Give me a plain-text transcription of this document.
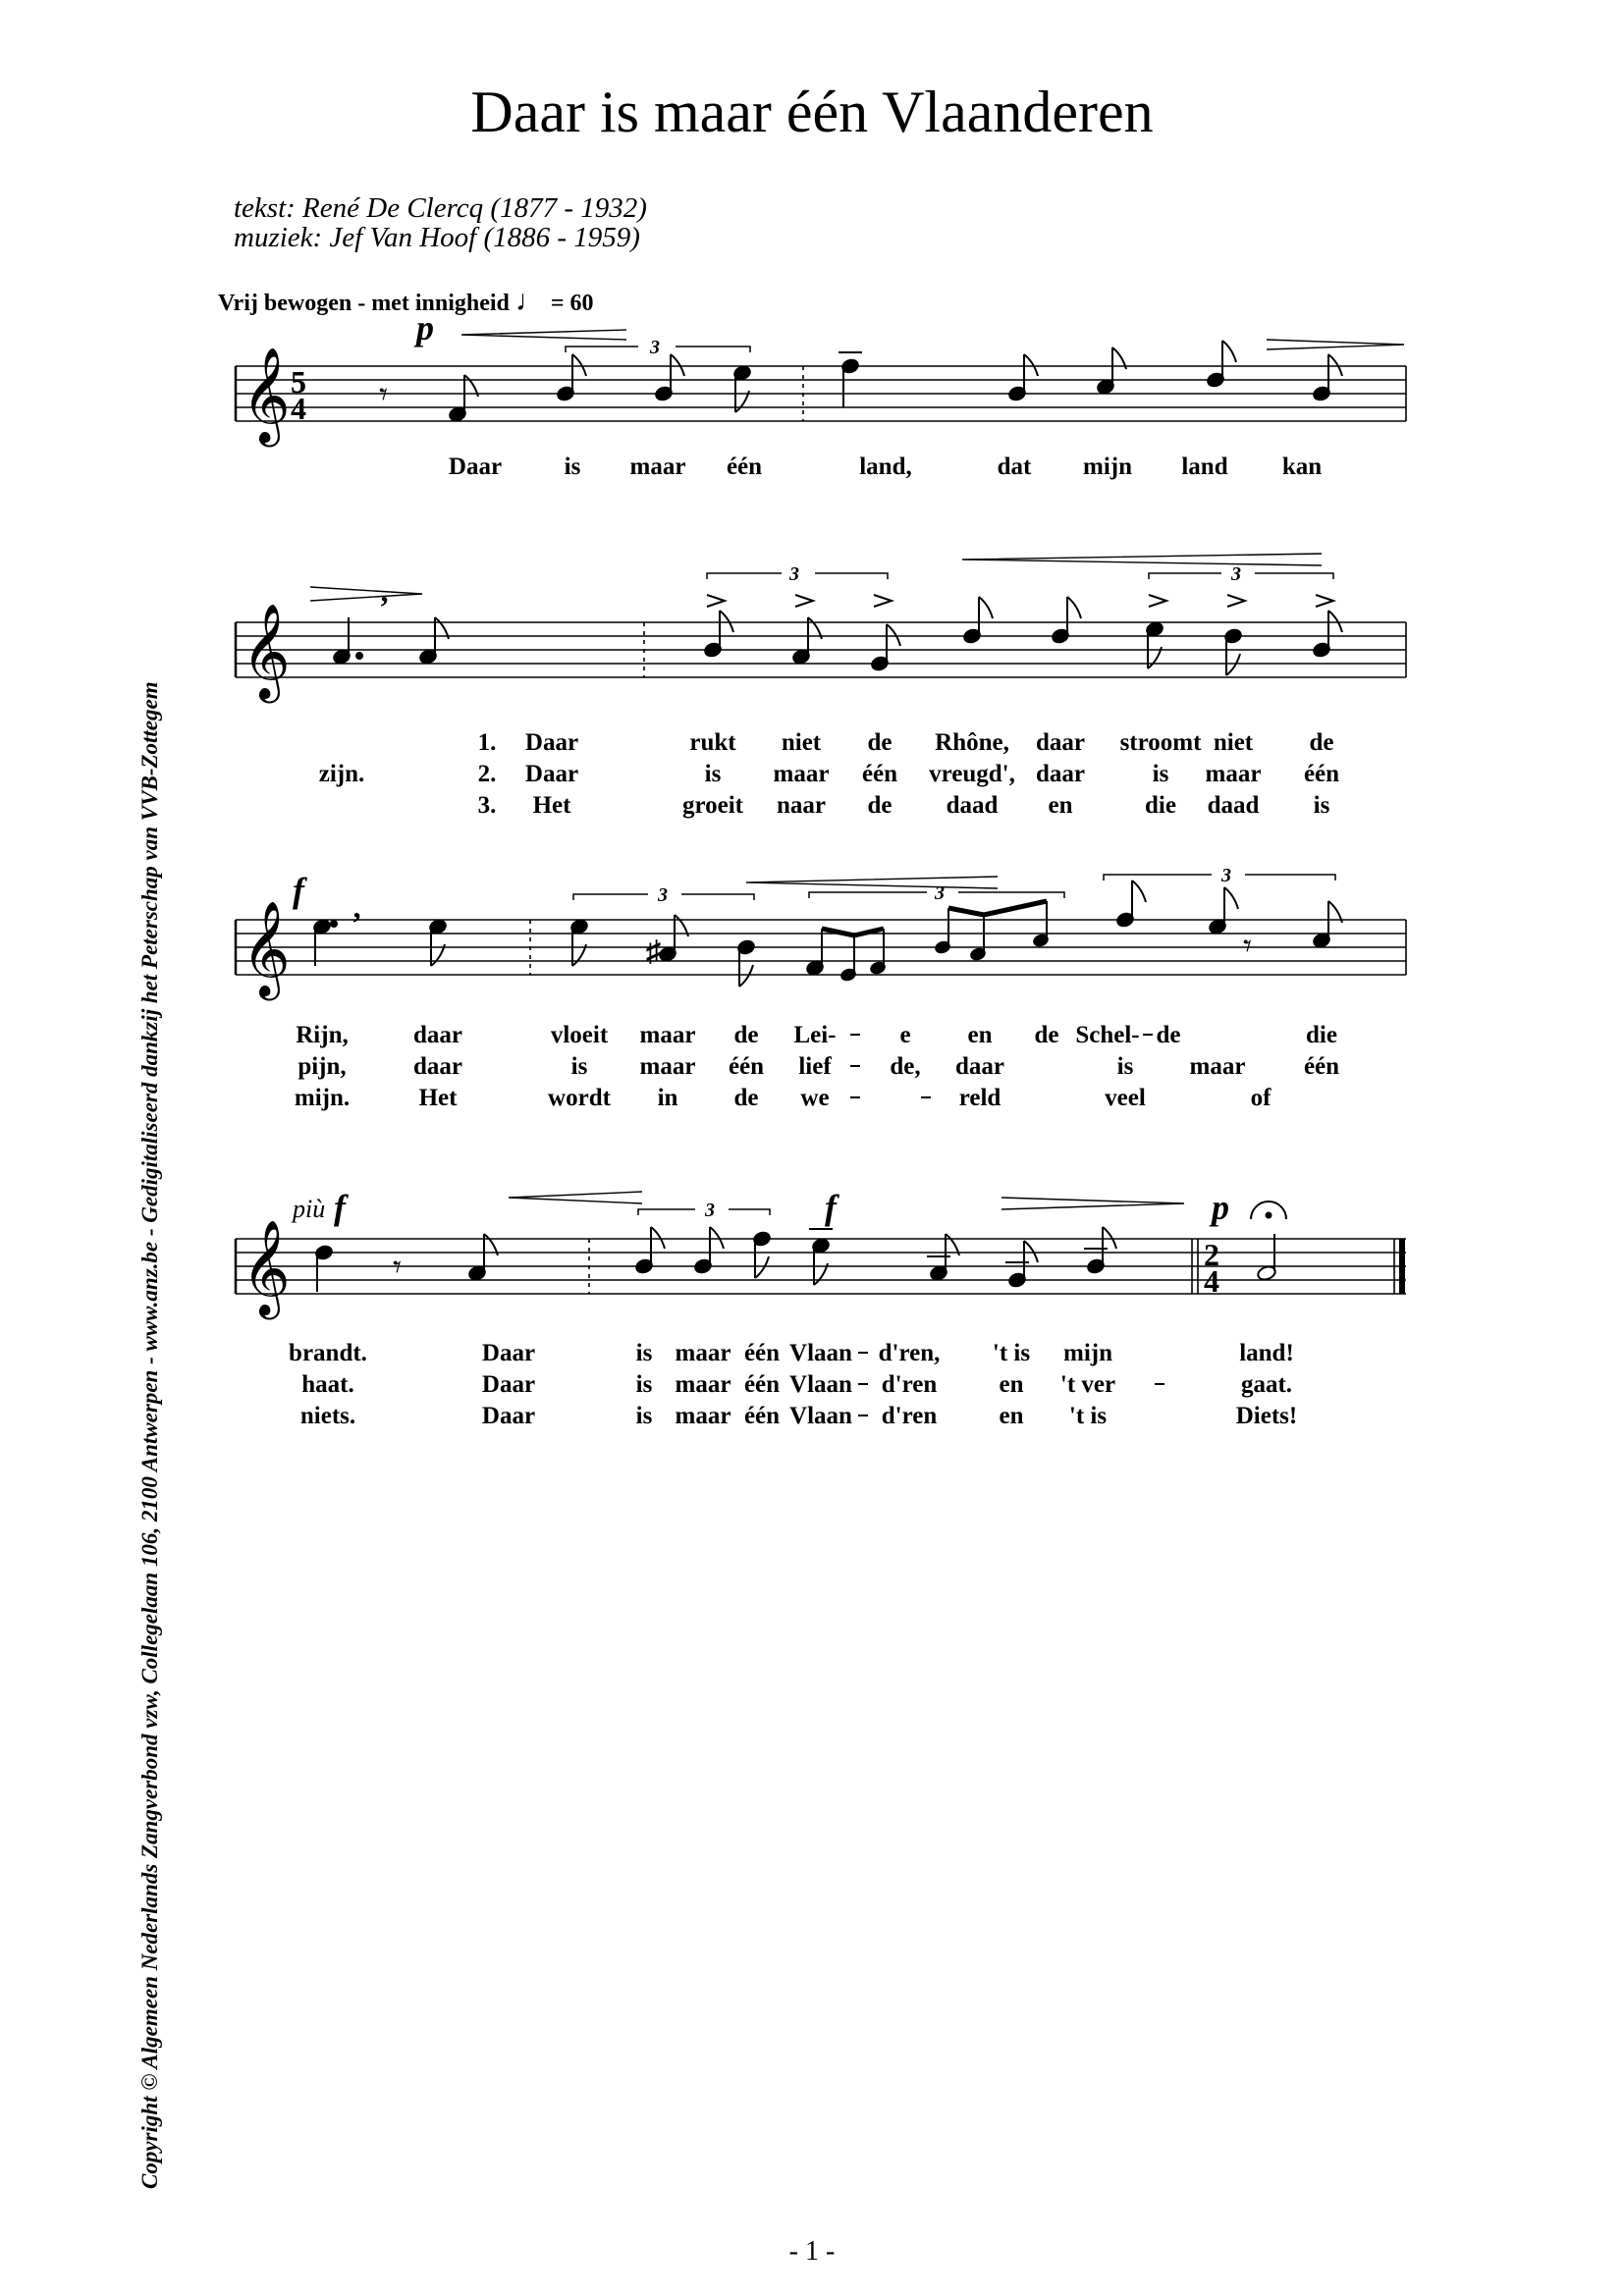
Daar is maar één Vlaanderen
tekst: René De Clercq (1877 - 1932)
muziek: Jef Van Hoof (1886 - 1959)
Vrij bewogen - met innigheid ♩ = 60
𝄞 5
4 𝄾
3
p
Daar	is maar één	land,	dat mijn land kan
𝄞	’
3	3
1. Daar	rukt niet de Rhône, daar stroomt niet de
zijn.	2. Daar	is maar één vreugd', daar	is maar één
3. Het	groeit naar de daad en	die daad is
𝄞	𝄾
♯
’
3	3
3
f
Rijn,	daar	vloeit maar de Lei-	e en de Schel- de	die
pijn,	daar	is maar één lief de, daar	is maar één
mijn.	Het	wordt in de we	reld	veel	of
𝄞	2
4
𝄾
3
più f	f	p
brandt.	Daar	is maar één Vlaan d'ren, 't is mijn	land!
haat.	Daar	is maar één Vlaan d'ren	en 't ver	gaat.
niets.	Daar	is maar één Vlaan d'ren	en 't is	Diets!
Copyright © Algemeen Nederlands Zangverbond vzw, Collegelaan 106, 2100 Antwerpen - www.anz.be - Gedigitaliseerd dankzij het Peterschap van VVB-Zottegem
- 1 -
